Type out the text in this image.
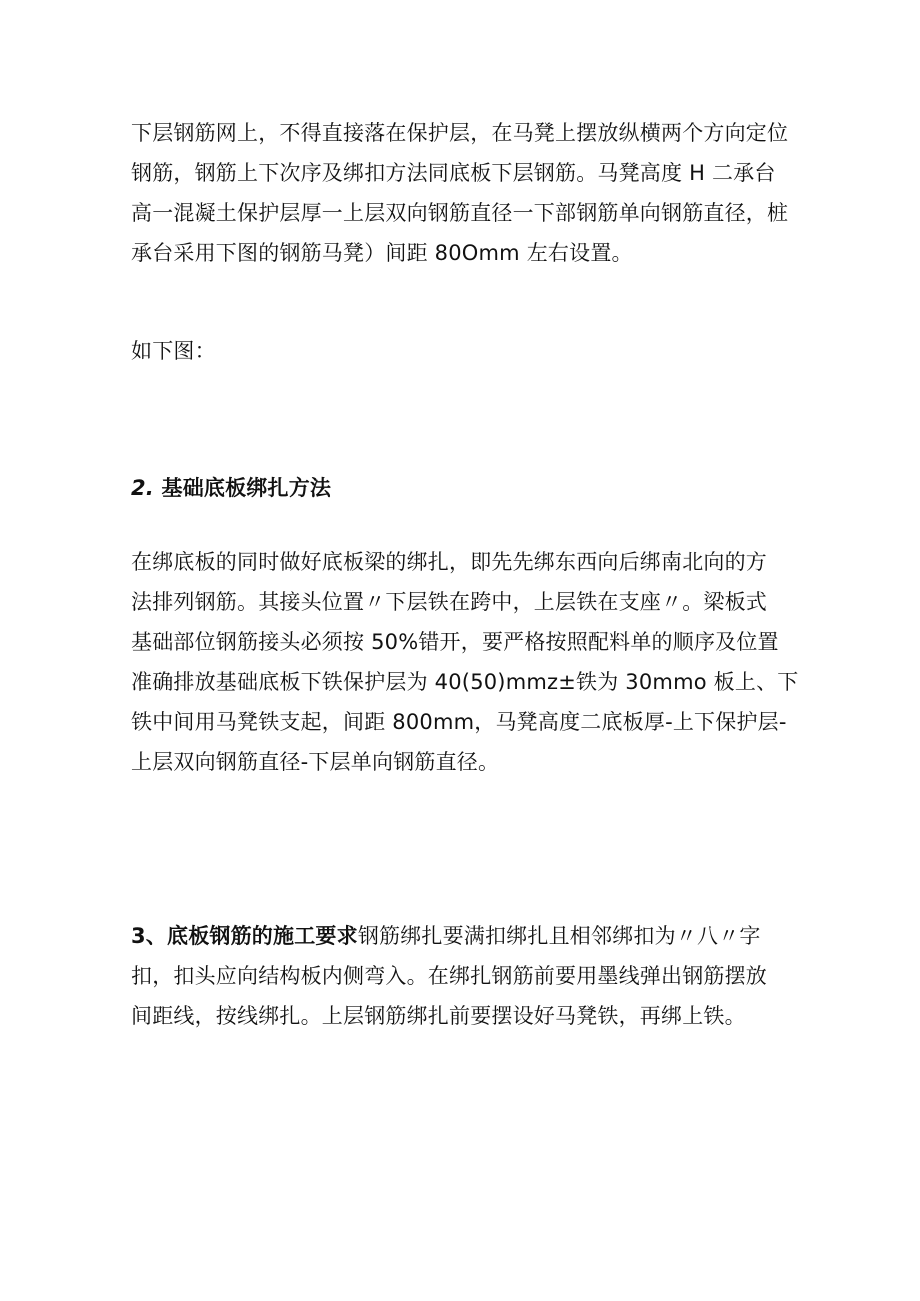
下层钢筋网上，不得直接落在保护层，在马凳上摆放纵横两个方向定位
钢筋，钢筋上下次序及绑扣方法同底板下层钢筋。马凳高度 H 二承台
高一混凝土保护层厚一上层双向钢筋直径一下部钢筋单向钢筋直径，桩
承台采用下图的钢筋马凳）间距 80Omm 左右设置。
如下图：
2. 基础底板绑扎方法
在绑底板的同时做好底板梁的绑扎，即先先绑东西向后绑南北向的方
法排列钢筋。其接头位置〃下层铁在跨中，上层铁在支座〃。梁板式
基础部位钢筋接头必须按 50%错开，要严格按照配料单的顺序及位置
准确排放基础底板下铁保护层为 40(50)mmz±铁为 30mmo 板上、下
铁中间用马凳铁支起，间距 800mm，马凳高度二底板厚-上下保护层-
上层双向钢筋直径-下层单向钢筋直径。
3、底板钢筋的施工要求钢筋绑扎要满扣绑扎且相邻绑扣为〃八〃字
扣，扣头应向结构板内侧弯入。在绑扎钢筋前要用墨线弹出钢筋摆放
间距线，按线绑扎。上层钢筋绑扎前要摆设好马凳铁，再绑上铁。
